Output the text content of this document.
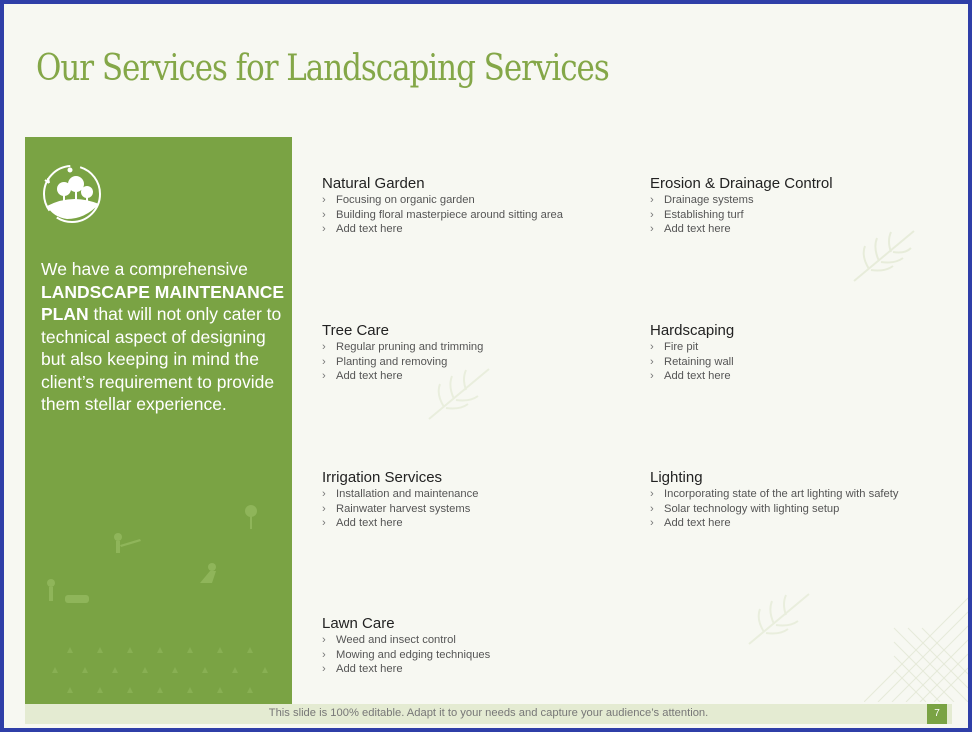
Our Services for Landscaping Services
We have a comprehensive LANDSCAPE MAINTENANCE PLAN that will not only cater to technical aspect of designing but also keeping in mind the client’s requirement to provide them stellar experience.
Natural Garden
› Focusing on organic garden
› Building floral masterpiece around sitting area
› Add text here
Erosion & Drainage Control
› Drainage systems
› Establishing turf
› Add text here
Tree Care
› Regular pruning and trimming
› Planting and removing
› Add text here
Hardscaping
› Fire pit
› Retaining wall
› Add text here
Irrigation Services
› Installation and maintenance
› Rainwater harvest systems
› Add text here
Lighting
› Incorporating state of the art lighting with safety
› Solar technology with lighting setup
› Add text here
Lawn Care
› Weed and insect control
› Mowing and edging techniques
› Add text here
This slide is 100% editable. Adapt it to your needs and capture your audience’s attention.	7
